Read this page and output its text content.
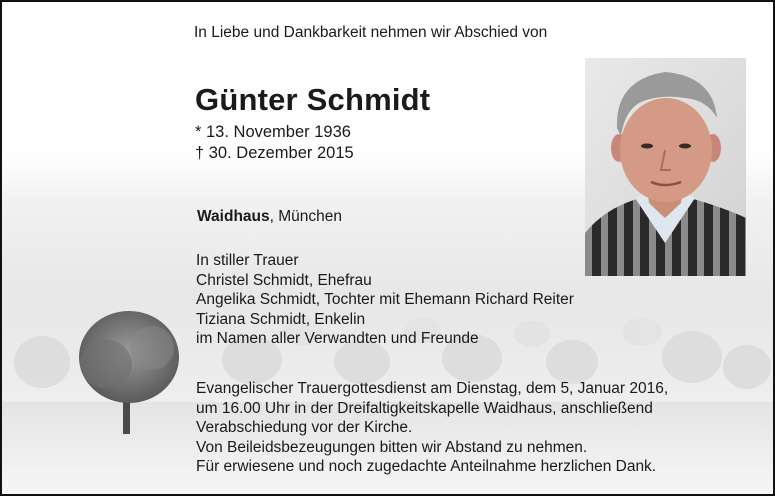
In Liebe und Dankbarkeit nehmen wir Abschied von
Günter Schmidt
* 13. November 1936
† 30. Dezember 2015
Waidhaus, München
In stiller Trauer
Christel Schmidt, Ehefrau
Angelika Schmidt, Tochter mit Ehemann Richard Reiter
Tiziana Schmidt, Enkelin
im Namen aller Verwandten und Freunde
Evangelischer Trauergottesdienst am Dienstag, dem 5, Januar 2016,
um 16.00 Uhr in der Dreifaltigkeitskapelle Waidhaus, anschließend
Verabschiedung vor der Kirche.
Von Beileidsbezeugungen bitten wir Abstand zu nehmen.
Für erwiesene und noch zugedachte Anteilnahme herzlichen Dank.
